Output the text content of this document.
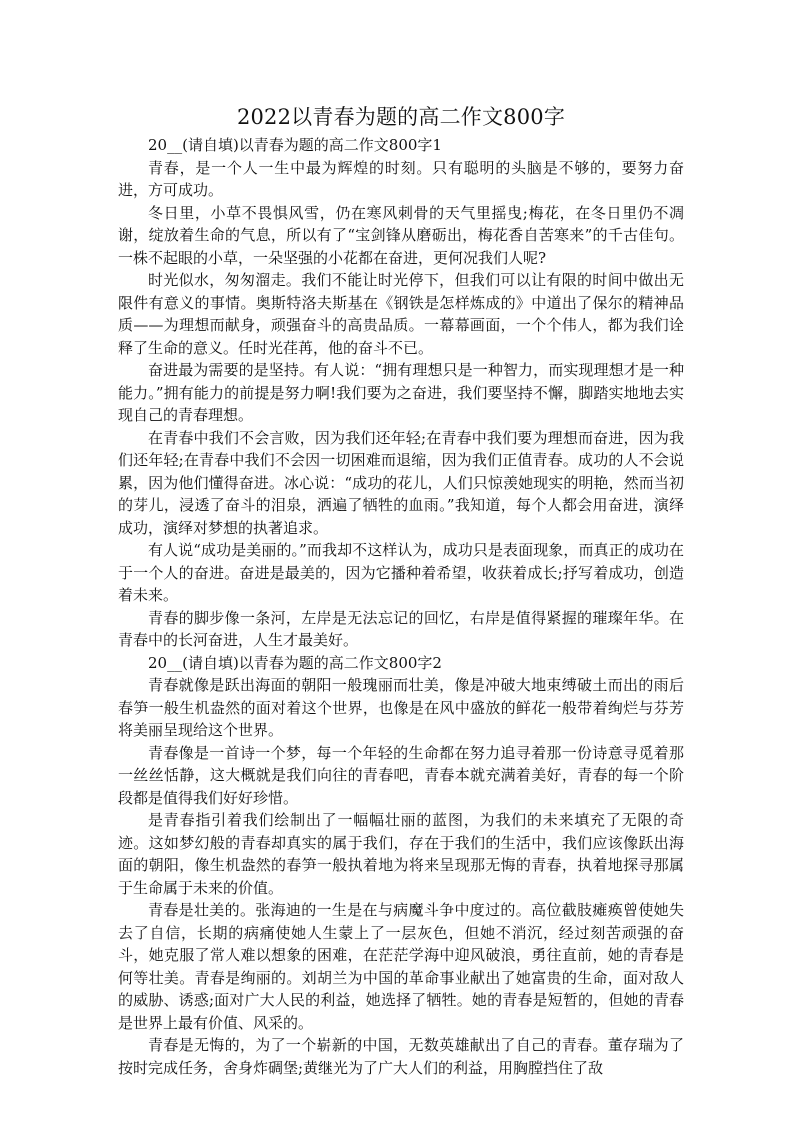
2022以青春为题的高二作文800字

20__(请自填)以青春为题的高二作文800字1

青春，是一个人一生中最为辉煌的时刻。只有聪明的头脑是不够的，要努力奋进，方可成功。

冬日里，小草不畏惧风雪，仍在寒风刺骨的天气里摇曳;梅花，在冬日里仍不凋谢，绽放着生命的气息，所以有了“宝剑锋从磨砺出，梅花香自苦寒来”的千古佳句。一株不起眼的小草，一朵坚强的小花都在奋进，更何况我们人呢?

时光似水，匆匆溜走。我们不能让时光停下，但我们可以让有限的时间中做出无限件有意义的事情。奥斯特洛夫斯基在《钢铁是怎样炼成的》中道出了保尔的精神品质——为理想而献身，顽强奋斗的高贵品质。一幕幕画面，一个个伟人，都为我们诠释了生命的意义。任时光荏苒，他的奋斗不已。

奋进最为需要的是坚持。有人说：“拥有理想只是一种智力，而实现理想才是一种能力。”拥有能力的前提是努力啊!我们要为之奋进，我们要坚持不懈，脚踏实地地去实现自己的青春理想。

在青春中我们不会言败，因为我们还年轻;在青春中我们要为理想而奋进，因为我们还年轻;在青春中我们不会因一切困难而退缩，因为我们正值青春。成功的人不会说累，因为他们懂得奋进。冰心说：“成功的花儿，人们只惊羡她现实的明艳，然而当初的芽儿，浸透了奋斗的泪泉，洒遍了牺牲的血雨。”我知道，每个人都会用奋进，演绎成功，演绎对梦想的执著追求。

有人说“成功是美丽的。”而我却不这样认为，成功只是表面现象，而真正的成功在于一个人的奋进。奋进是最美的，因为它播种着希望，收获着成长;抒写着成功，创造着未来。

青春的脚步像一条河，左岸是无法忘记的回忆，右岸是值得紧握的璀璨年华。在青春中的长河奋进，人生才最美好。

20__(请自填)以青春为题的高二作文800字2

青春就像是跃出海面的朝阳一般瑰丽而壮美，像是冲破大地束缚破土而出的雨后春笋一般生机盎然的面对着这个世界，也像是在风中盛放的鲜花一般带着绚烂与芬芳将美丽呈现给这个世界。

青春像是一首诗一个梦，每一个年轻的生命都在努力追寻着那一份诗意寻觅着那一丝丝恬静，这大概就是我们向往的青春吧，青春本就充满着美好，青春的每一个阶段都是值得我们好好珍惜。

是青春指引着我们绘制出了一幅幅壮丽的蓝图，为我们的未来填充了无限的奇迹。这如梦幻般的青春却真实的属于我们，存在于我们的生活中，我们应该像跃出海面的朝阳，像生机盎然的春笋一般执着地为将来呈现那无悔的青春，执着地探寻那属于生命属于未来的价值。

青春是壮美的。张海迪的一生是在与病魔斗争中度过的。高位截肢瘫痪曾使她失去了自信，长期的病痛使她人生蒙上了一层灰色，但她不消沉，经过刻苦顽强的奋斗，她克服了常人难以想象的困难，在茫茫学海中迎风破浪，勇往直前，她的青春是何等壮美。青春是绚丽的。刘胡兰为中国的革命事业献出了她富贵的生命，面对敌人的威胁、诱惑;面对广大人民的利益，她选择了牺牲。她的青春是短暂的，但她的青春是世界上最有价值、风采的。

青春是无悔的，为了一个崭新的中国，无数英雄献出了自己的青春。董存瑞为了按时完成任务，舍身炸碉堡;黄继光为了广大人们的利益，用胸膛挡住了敌
